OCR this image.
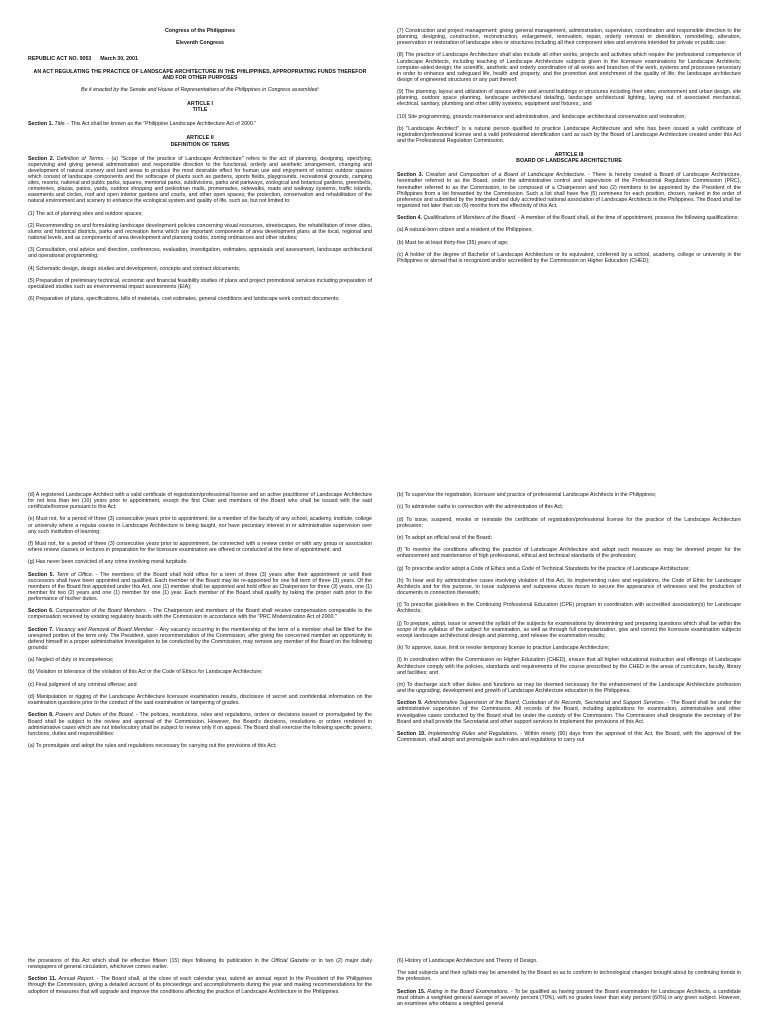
Congress of the Philippines

Eleventh Congress

REPUBLIC ACT NO. 9053      March 30, 2001

AN ACT REGULATING THE PRACTICE OF LANDSCAPE ARCHITECTURE IN THE PHILIPPINES, APPROPRIATING FUNDS THEREFOR AND FOR OTHER PURPOSES

Be it enacted by the Senate and House of Representatives of the Philippines in Congress assembled:

ARTICLE I
TITLE

Section 1. Title. - This Act shall be known as the "Philippine Landscape Architecture Act of 2000."

ARTICLE II
DEFINITION OF TERMS

Section 2. Definition of Terms. - (a) "Scope of the practice of Landscape Architecture" refers to the act of planning, designing, specifying, supervising and giving general administration and responsible direction to the functional, orderly and aesthetic arrangement, changing and development of natural scenery and land areas to produce the most desirable effect for human use and enjoyment of various outdoor spaces which consist of landscape components and the softscape of plants such as gardens, sports fields, playgrounds, recreational grounds, camping sites, resorts, national and public parks, squares, memorial parks, subdivisions, parks and parkways, zoological and botanical gardens, greenbelts, cemeteries, plazas, patios, yards, outdoor shopping and pedestrian malls, promenades, sidewalks, roads and walkway systems, traffic islands, easements and circles, roof and open interior gardens and courts, and other open spaces; the protection, conservation and rehabilitation of the natural environment and scenery to enhance the ecological system and quality of life, such as, but not limited to:

(1) The act of planning sites and outdoor spaces;

(2) Recommending on and formulating landscape development policies concerning visual resources, streetscapes, the rehabilitation of inner cities, slums and historical districts, parks and recreation items which are important components of area development plans at the local, regional and national levels, and as components of area development and planning codes, zoning ordinances and other studies;

(3) Consultation, oral advice and direction, conferences, evaluation, investigation, estimates, appraisals and assessment, landscape architectural and operational programming;

(4) Schematic design, design studies and development, concepts and contract documents;

(5) Preparation of preliminary technical, economic and financial feasibility studies of plans and project promotional services including preparation of specialized studies such as environmental impact assessments (EIA);

(6) Preparation of plans, specifications, bills of materials, cost estimates, general conditions and landscape work contract documents;

(7) Construction and project management; giving general management, administration, supervision, coordination and responsible direction to the planning, designing, construction, reconstruction, enlargement, renovation, repair, orderly removal or demolition, remodelling, alteration, preservation or restoration of landscape sites or structures including all their component sites and environs intended for private or public use;

(8) The practice of Landscape Architecture shall also include all other works, projects and activities which require the professional competence of Landscape Architects, including teaching of Landscape Architecture subjects given in the licensure examinations for Landscape Architects; computer-aided design; the scientific, aesthetic and orderly coordination of all works and branches of the work, systems and processes necessary in order to enhance and safeguard life, health and property, and the promotion and enrichment of the quality of life; the landscape architecture design of engineered structures or any part thereof;

(9) The planning, layout and utilization of spaces within and around buildings or structures including their sites; environment and urban design, site planning, outdoor space planning, landscape architectural detailing, landscape architectural lighting, laying out of associated mechanical, electrical, sanitary, plumbing and other utility systems, equipment and fixtures;, and

(10) Site programming, grounds maintenance and administration, and landscape architectural conservation and restoration;

(b) "Landscape Architect" is a natural person qualified to practice Landscape Architecture and who has been issued a valid certificate of registration/professional license and a valid professional identification card as such by the Board of Landscape Architecture created under this Act and the Professional Regulation Commission.

ARTICLE III
BOARD OF LANDSCAPE ARCHITECTURE

Section 3. Creation and Composition of a Board of Landscape Architecture. - There is hereby created a Board of Landscape Architecture, hereinafter referred to as the Board, under the administrative control and supervision of the Professional Regulation Commission (PRC), hereinafter referred to as the Commission, to be composed of a Chairperson and two (2) members to be appointed by the President of the Philippines from a list forwarded by the Commission. Such a list shall have five (5) nominees for each position, chosen, ranked in the order of preference and submitted by the integrated and duly accredited national association of Landscape Architects in the Philippines. The Board shall be organized not later than six (6) months from the effectivity of this Act.

Section 4. Qualifications of Members of the Board. - A member of the Board shall, at the time of appointment, possess the following qualifications:

(a) A natural-born citizen and a resident of the Philippines;

(b) Must be at least thirty-five (35) years of age;

(c) A holder of the degree of Bachelor of Landscape Architecture or its equivalent, conferred by a school, academy, college or university in the Philippines or abroad that is recognized and/or accredited by the Commission on Higher Education (CHED);

(d) A registered Landscape Architect with a valid certificate of registration/professional license and an active practitioner of Landscape Architecture for not less than ten (10) years prior to appointment, except the first Chair and members of the Board who shall be issued with the said certificate/license pursuant to this Act;

(e) Must not, for a period of three (3) consecutive years prior to appointment, be a member of the faculty of any school, academy, institute, college or university where a regular course in Landscape Architecture is being taught, nor have pecuniary interest in or administrative supervision over any such institution of learning;

(f) Must not, for a period of three (3) consecutive years prior to appointment, be connected with a review center or with any group or association where review classes or lectures in preparation for the licensure examination are offered or conducted at the time of appointment; and

(g) Has never been convicted of any crime involving moral turpitude.

Section 5. Term of Office. - The members of the Board shall hold office for a term of three (3) years after their appointment or until their successors shall have been appointed and qualified. Each member of the Board may be re-appointed for one full term of three (3) years. Of the members of the Board first appointed under this Act, one (1) member shall be appointed and hold office as Chairperson for three (3) years, one (1) member for two (2) years and one (1) member for one (1) year. Each member of the Board shall qualify by taking the proper oath prior to the performance of his/her duties.

Section 6. Compensation of the Board Members. - The Chairperson and members of the Board shall receive compensation comparable to the compensation received by existing regulatory boards with the Commission in accordance with the "PRC Modernization Act of 2000."

Section 7. Vacancy and Removal of Board Member. - Any vacancy occurring in the membership of the term of a member shall be filled for the unexpired portion of the term only. The President, upon recommendation of the Commission, after giving the concerned member an opportunity to defend himself in a proper administrative investigation to be conducted by the Commission, may remove any member of the Board on the following grounds:

(a) Neglect of duty or incompetence;

(b) Violation or tolerance of the violation of this Act or the Code of Ethics for Landscape Architecture;

(c) Final judgment of any criminal offense; and

(d) Manipulation or rigging of the Landscape Architecture licensure examination results, disclosure of secret and confidential information on the examination questions prior to the conduct of the said examination or tampering of grades.

Section 8. Powers and Duties of the Board. - The policies, resolutions, rules and regulations, orders or decisions issued or promulgated by the Board shall be subject to the review and approval of the Commission. However, the Board's decisions, resolutions or orders rendered in administrative cases which are not interlocutory shall be subject to review only if on appeal. The Board shall exercise the following specific powers, functions, duties and responsibilities:

(a) To promulgate and adopt the rules and regulations necessary for carrying out the provisions of this Act;

(b) To supervise the registration, licensure and practice of professional Landscape Architects in the Philippines;

(c) To administer oaths in connection with the administration of this Act;

(d) To issue, suspend, revoke or reinstate the certificate of registration/professional license for the practice of the Landscape Architecture profession;

(e) To adopt an official seal of the Board;

(f) To monitor the conditions affecting the practice of Landscape Architecture and adopt such measure as may be deemed proper for the enhancement and maintenance of high professional, ethical and technical standards of the profession;

(g) To prescribe and/or adopt a Code of Ethics and a Code of Technical Standards for the practice of Landscape Architecture;

(h) To hear and try administrative cases involving violation of this Act, its implementing rules and regulations, the Code of Ethic for Landscape Architects and for this purpose, to issue subpoena and subpoena duces tecum to secure the appearance of witnesses and the production of documents in connection therewith;

(i) To prescribe guidelines in the Continuing Professional Education (CPE) program in coordination with accredited association(s) for Landscape Architects;

(j) To prepare, adopt, issue or amend the syllabi of the subjects for examinations by determining and preparing questions which shall be within the scope of the syllabus of the subject for examination, as well as through full computerization, give and correct the licensure examination subjects except landscape architectural design and planning, and release the examination results;

(k) To approve, issue, limit or revoke temporary license to practice Landscape Architecture;

(l) In coordination within the Commission on Higher Education (CHED), ensure that all higher educational instruction and offerings of Landscape Architecture comply with the policies, standards and requirements of the course prescribed by the CHED in the areas of curriculum, faculty, library and facilities; and

(m) To discharge such other duties and functions as may be deemed necessary for the enhancement of the Landscape Architecture profession and the upgrading, development and growth of Landscape Architecture education in the Philippines.

Section 9. Administrative Supervision of the Board, Custodian of its Records, Secretariat and Support Services. - The Board shall be under the administrative supervision of the Commission. All records of the Board, including applications for examination, administrative and other investigative cases conducted by the Board shall be under the custody of the Commission. The Commission shall designate the secretary of the Board and shall provide the Secretariat and other support services to implement the provisions of this Act.

Section 10. Implementing Rules and Regulations. - Within ninety (90) days from the approval of this Act, the Board, with the approval of the Commission, shall adopt and promulgate such rules and regulations to carry out

the provisions of this Act which shall be effective fifteen (15) days following its publication in the Official Gazette or in two (2) major daily newspapers of general circulation, whichever comes earlier.

Section 11. Annual Report. - The Board shall, at the close of each calendar year, submit an annual report to the President of the Philippines through the Commission, giving a detailed account of its proceedings and accomplishments during the year and making recommendations for the adoption of measures that will upgrade and improve the conditions affecting the practice of Landscape Architecture in the Philippines.

(6) History of Landscape Architecture and Theory of Design.

The said subjects and their syllabi may be amended by the Board so as to conform to technological changes brought about by continuing trends in the profession.

Section 15. Rating in the Board Examinations. - To be qualified as having passed the Board examination for Landscape Architects, a candidate must obtain a weighted general average of seventy percent (70%), with no grades lower than sixty percent (60%) in any given subject. However, an examinee who obtains a weighted general
